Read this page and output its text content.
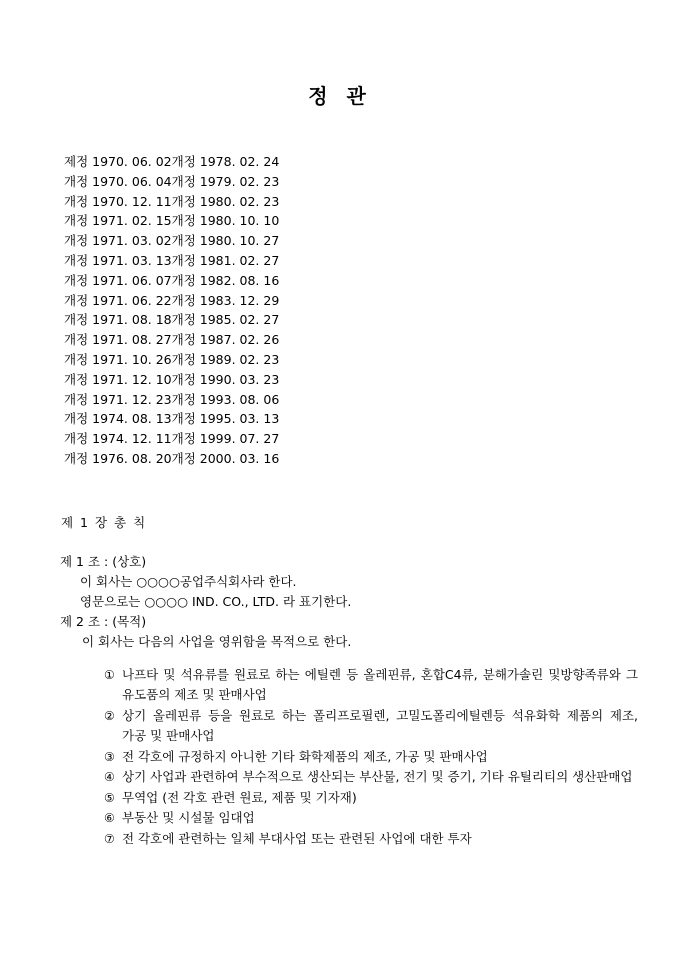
정 관
제정 1970. 06. 02개정 1978. 02. 24
개정 1970. 06. 04개정 1979. 02. 23
개정 1970. 12. 11개정 1980. 02. 23
개정 1971. 02. 15개정 1980. 10. 10
개정 1971. 03. 02개정 1980. 10. 27
개정 1971. 03. 13개정 1981. 02. 27
개정 1971. 06. 07개정 1982. 08. 16
개정 1971. 06. 22개정 1983. 12. 29
개정 1971. 08. 18개정 1985. 02. 27
개정 1971. 08. 27개정 1987. 02. 26
개정 1971. 10. 26개정 1989. 02. 23
개정 1971. 12. 10개정 1990. 03. 23
개정 1971. 12. 23개정 1993. 08. 06
개정 1974. 08. 13개정 1995. 03. 13
개정 1974. 12. 11개정 1999. 07. 27
개정 1976. 08. 20개정 2000. 03. 16
제 1 장 총 칙
제 1 조 : (상호)
이 회사는 ○○○○공업주식회사라 한다.
영문으로는 ○○○○ IND. CO., LTD. 라 표기한다.
제 2 조 : (목적)
이 회사는 다음의 사업을 영위함을 목적으로 한다.
① 나프타 및 석유류를 원료로 하는 에틸렌 등 올레핀류, 혼합C4류, 분해가솔린 및방향족류와 그 유도품의 제조 및 판매사업
② 상기 올레핀류 등을 원료로 하는 폴리프로필렌, 고밀도폴리에틸렌등 석유화학 제품의 제조, 가공 및 판매사업
③ 전 각호에 규정하지 아니한 기타 화학제품의 제조, 가공 및 판매사업
④ 상기 사업과 관련하여 부수적으로 생산되는 부산물, 전기 및 증기, 기타 유틸리티의 생산판매업
⑤ 무역업 (전 각호 관련 원료, 제품 및 기자재)
⑥ 부동산 및 시설물 임대업
⑦ 전 각호에 관련하는 일체 부대사업 또는 관련된 사업에 대한 투자
